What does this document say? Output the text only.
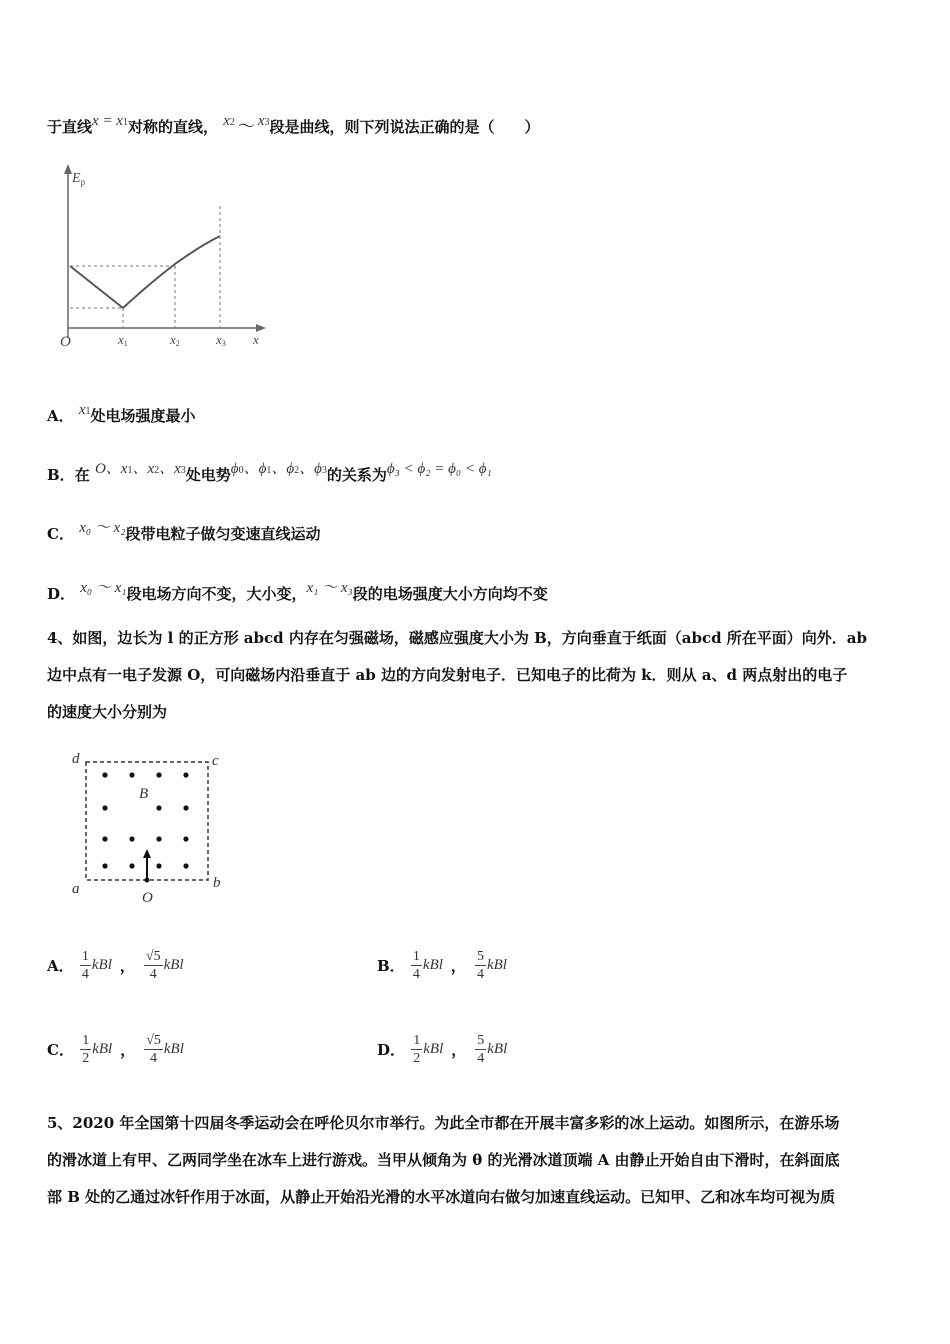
于直线x = x1对称的直线， x2 ～ x3段是曲线，则下列说法正确的是（　　）
$E_p$
O	x1	x2	x3 x
A． x1处电场强度最小
B．在 O、x1、x2、x3处电势ϕ0、ϕ1、ϕ2、ϕ3的关系为ϕ₃ < ϕ₂ = ϕ₀ < ϕ₁
C． x₀ ～ x₂段带电粒子做匀变速直线运动
D． x₀ ～ x₁段电场方向不变，大小变，x₁ ～ x₃段的电场强度大小方向均不变
4、如图，边长为 l 的正方形 abcd 内存在匀强磁场，磁感应强度大小为 B，方向垂直于纸面（abcd 所在平面）向外．ab
边中点有一电子发源 O，可向磁场内沿垂直于 ab 边的方向发射电子．已知电子的比荷为 k．则从 a、d 两点射出的电子
的速度大小分别为
d	c
a	b
B
O
A． $\frac{1}{4}$ kBl ， $\frac{√5}{4}$ kBl	B． $\frac{1}{4}$ kBl ， $\frac{5}{4}$ kBl
C． $\frac{1}{2}$ kBl ， $\frac{√5}{4}$ kBl	D． $\frac{1}{2}$ kBl ， $\frac{5}{4}$ kBl
5、2020 年全国第十四届冬季运动会在呼伦贝尔市举行。为此全市都在开展丰富多彩的冰上运动。如图所示，在游乐场
的滑冰道上有甲、乙两同学坐在冰车上进行游戏。当甲从倾角为 θ 的光滑冰道顶端 A 由静止开始自由下滑时，在斜面底
部 B 处的乙通过冰钎作用于冰面，从静止开始沿光滑的水平冰道向右做匀加速直线运动。已知甲、乙和冰车均可视为质
